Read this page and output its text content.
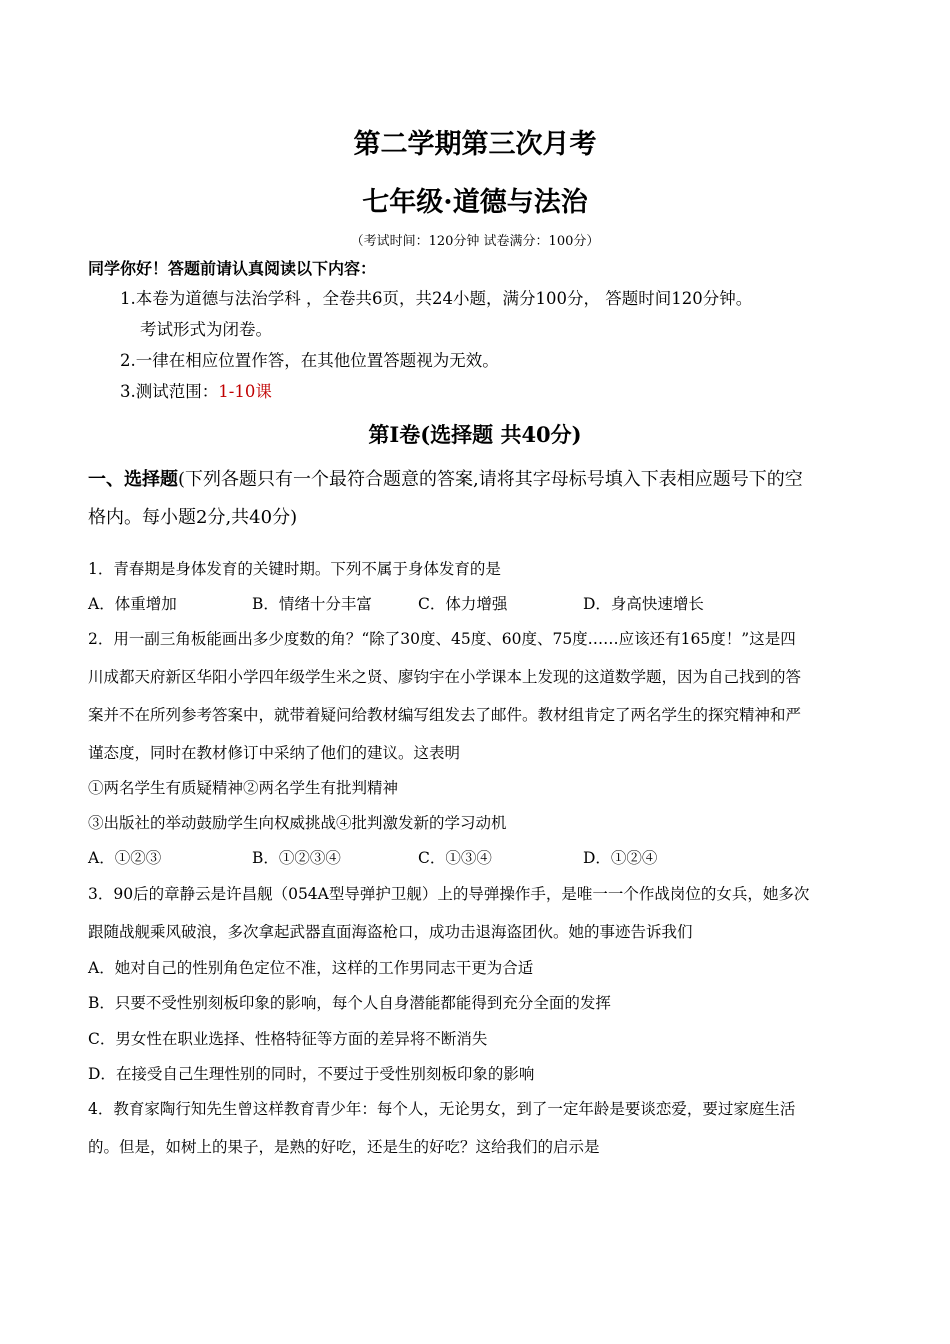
第二学期第三次月考
七年级·道德与法治
（考试时间：120分钟 试卷满分：100分）
同学你好！答题前请认真阅读以下内容：
1.本卷为道德与法治学科 ，全卷共6页，共24小题，满分100分， 答题时间120分钟。
考试形式为闭卷。
2.一律在相应位置作答，在其他位置答题视为无效。
3.测试范围：1-10课
第Ⅰ卷(选择题 共40分)
一、选择题(下列各题只有一个最符合题意的答案,请将其字母标号填入下表相应题号下的空
格内。每小题2分,共40分)
1．青春期是身体发育的关键时期。下列不属于身体发育的是
A．体重增加	B．情绪十分丰富	C．体力增强	D．身高快速增长
2．用一副三角板能画出多少度数的角？“除了30度、45度、60度、75度……应该还有165度！”这是四
川成都天府新区华阳小学四年级学生米之贤、廖钧宇在小学课本上发现的这道数学题，因为自己找到的答
案并不在所列参考答案中，就带着疑问给教材编写组发去了邮件。教材组肯定了两名学生的探究精神和严
谨态度，同时在教材修订中采纳了他们的建议。这表明
①两名学生有质疑精神②两名学生有批判精神
③出版社的举动鼓励学生向权威挑战④批判激发新的学习动机
A．①②③	B．①②③④	C．①③④	D．①②④
3．90后的章静云是许昌舰（054A型导弹护卫舰）上的导弹操作手，是唯一一个作战岗位的女兵，她多次
跟随战舰乘风破浪，多次拿起武器直面海盗枪口，成功击退海盗团伙。她的事迹告诉我们
A．她对自己的性别角色定位不准，这样的工作男同志干更为合适
B．只要不受性别刻板印象的影响，每个人自身潜能都能得到充分全面的发挥
C．男女性在职业选择、性格特征等方面的差异将不断消失
D．在接受自己生理性别的同时，不要过于受性别刻板印象的影响
4．教育家陶行知先生曾这样教育青少年：每个人，无论男女，到了一定年龄是要谈恋爱，要过家庭生活
的。但是，如树上的果子，是熟的好吃，还是生的好吃？这给我们的启示是
